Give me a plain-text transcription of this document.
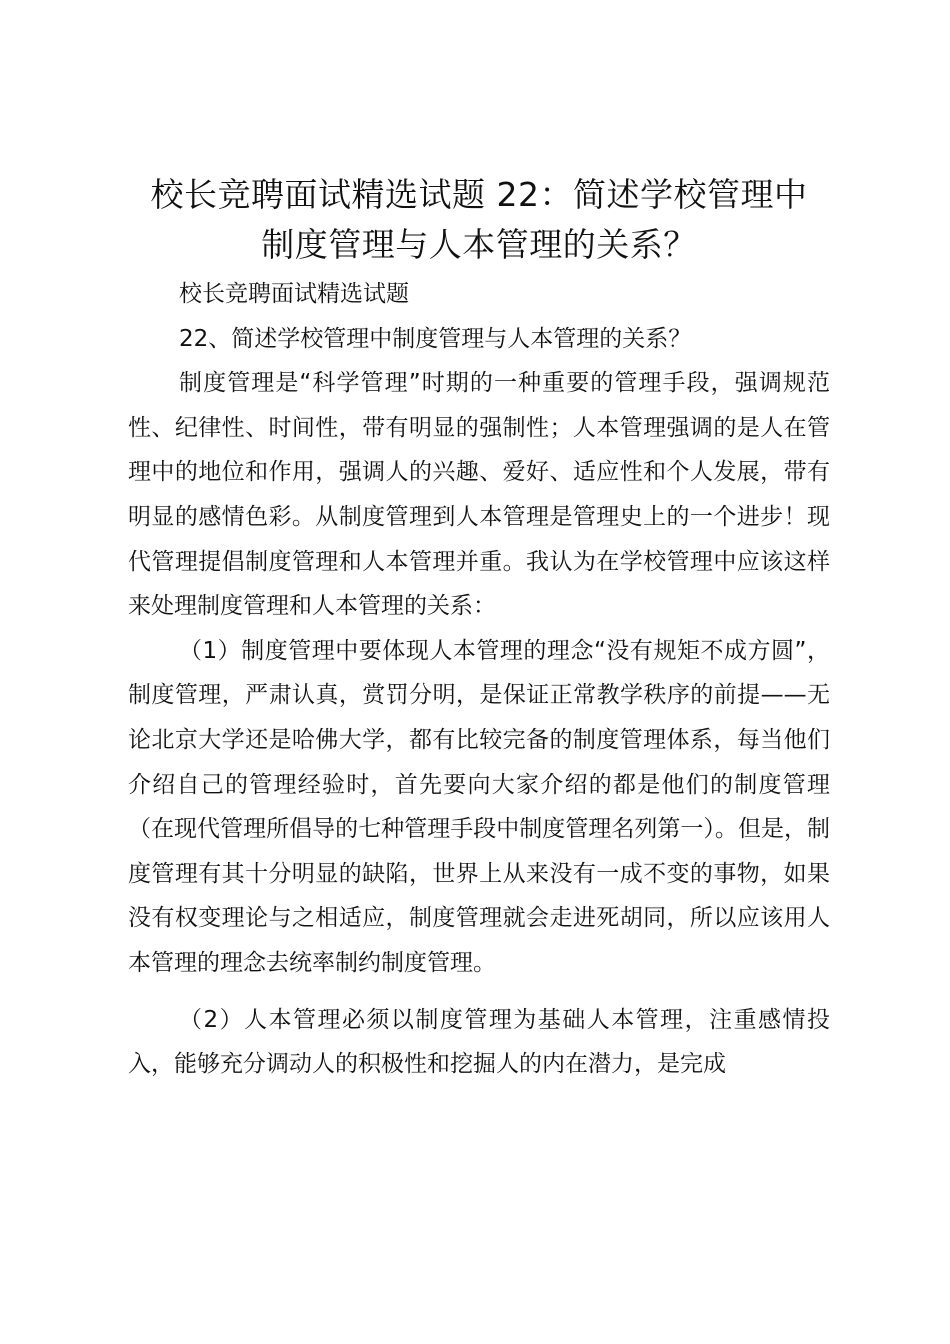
校长竞聘面试精选试题 22：简述学校管理中
制度管理与人本管理的关系？

校长竞聘面试精选试题

22、简述学校管理中制度管理与人本管理的关系？

制度管理是“科学管理”时期的一种重要的管理手段，强调规范性、纪律性、时间性，带有明显的强制性；人本管理强调的是人在管理中的地位和作用，强调人的兴趣、爱好、适应性和个人发展，带有明显的感情色彩。从制度管理到人本管理是管理史上的一个进步！现代管理提倡制度管理和人本管理并重。我认为在学校管理中应该这样来处理制度管理和人本管理的关系：

（1）制度管理中要体现人本管理的理念“没有规矩不成方圆”，制度管理，严肃认真，赏罚分明，是保证正常教学秩序的前提——无论北京大学还是哈佛大学，都有比较完备的制度管理体系，每当他们介绍自己的管理经验时，首先要向大家介绍的都是他们的制度管理（在现代管理所倡导的七种管理手段中制度管理名列第一）。但是，制度管理有其十分明显的缺陷，世界上从来没有一成不变的事物，如果没有权变理论与之相适应，制度管理就会走进死胡同，所以应该用人本管理的理念去统率制约制度管理。

（2）人本管理必须以制度管理为基础人本管理，注重感情投入，能够充分调动人的积极性和挖掘人的内在潜力，是完成
